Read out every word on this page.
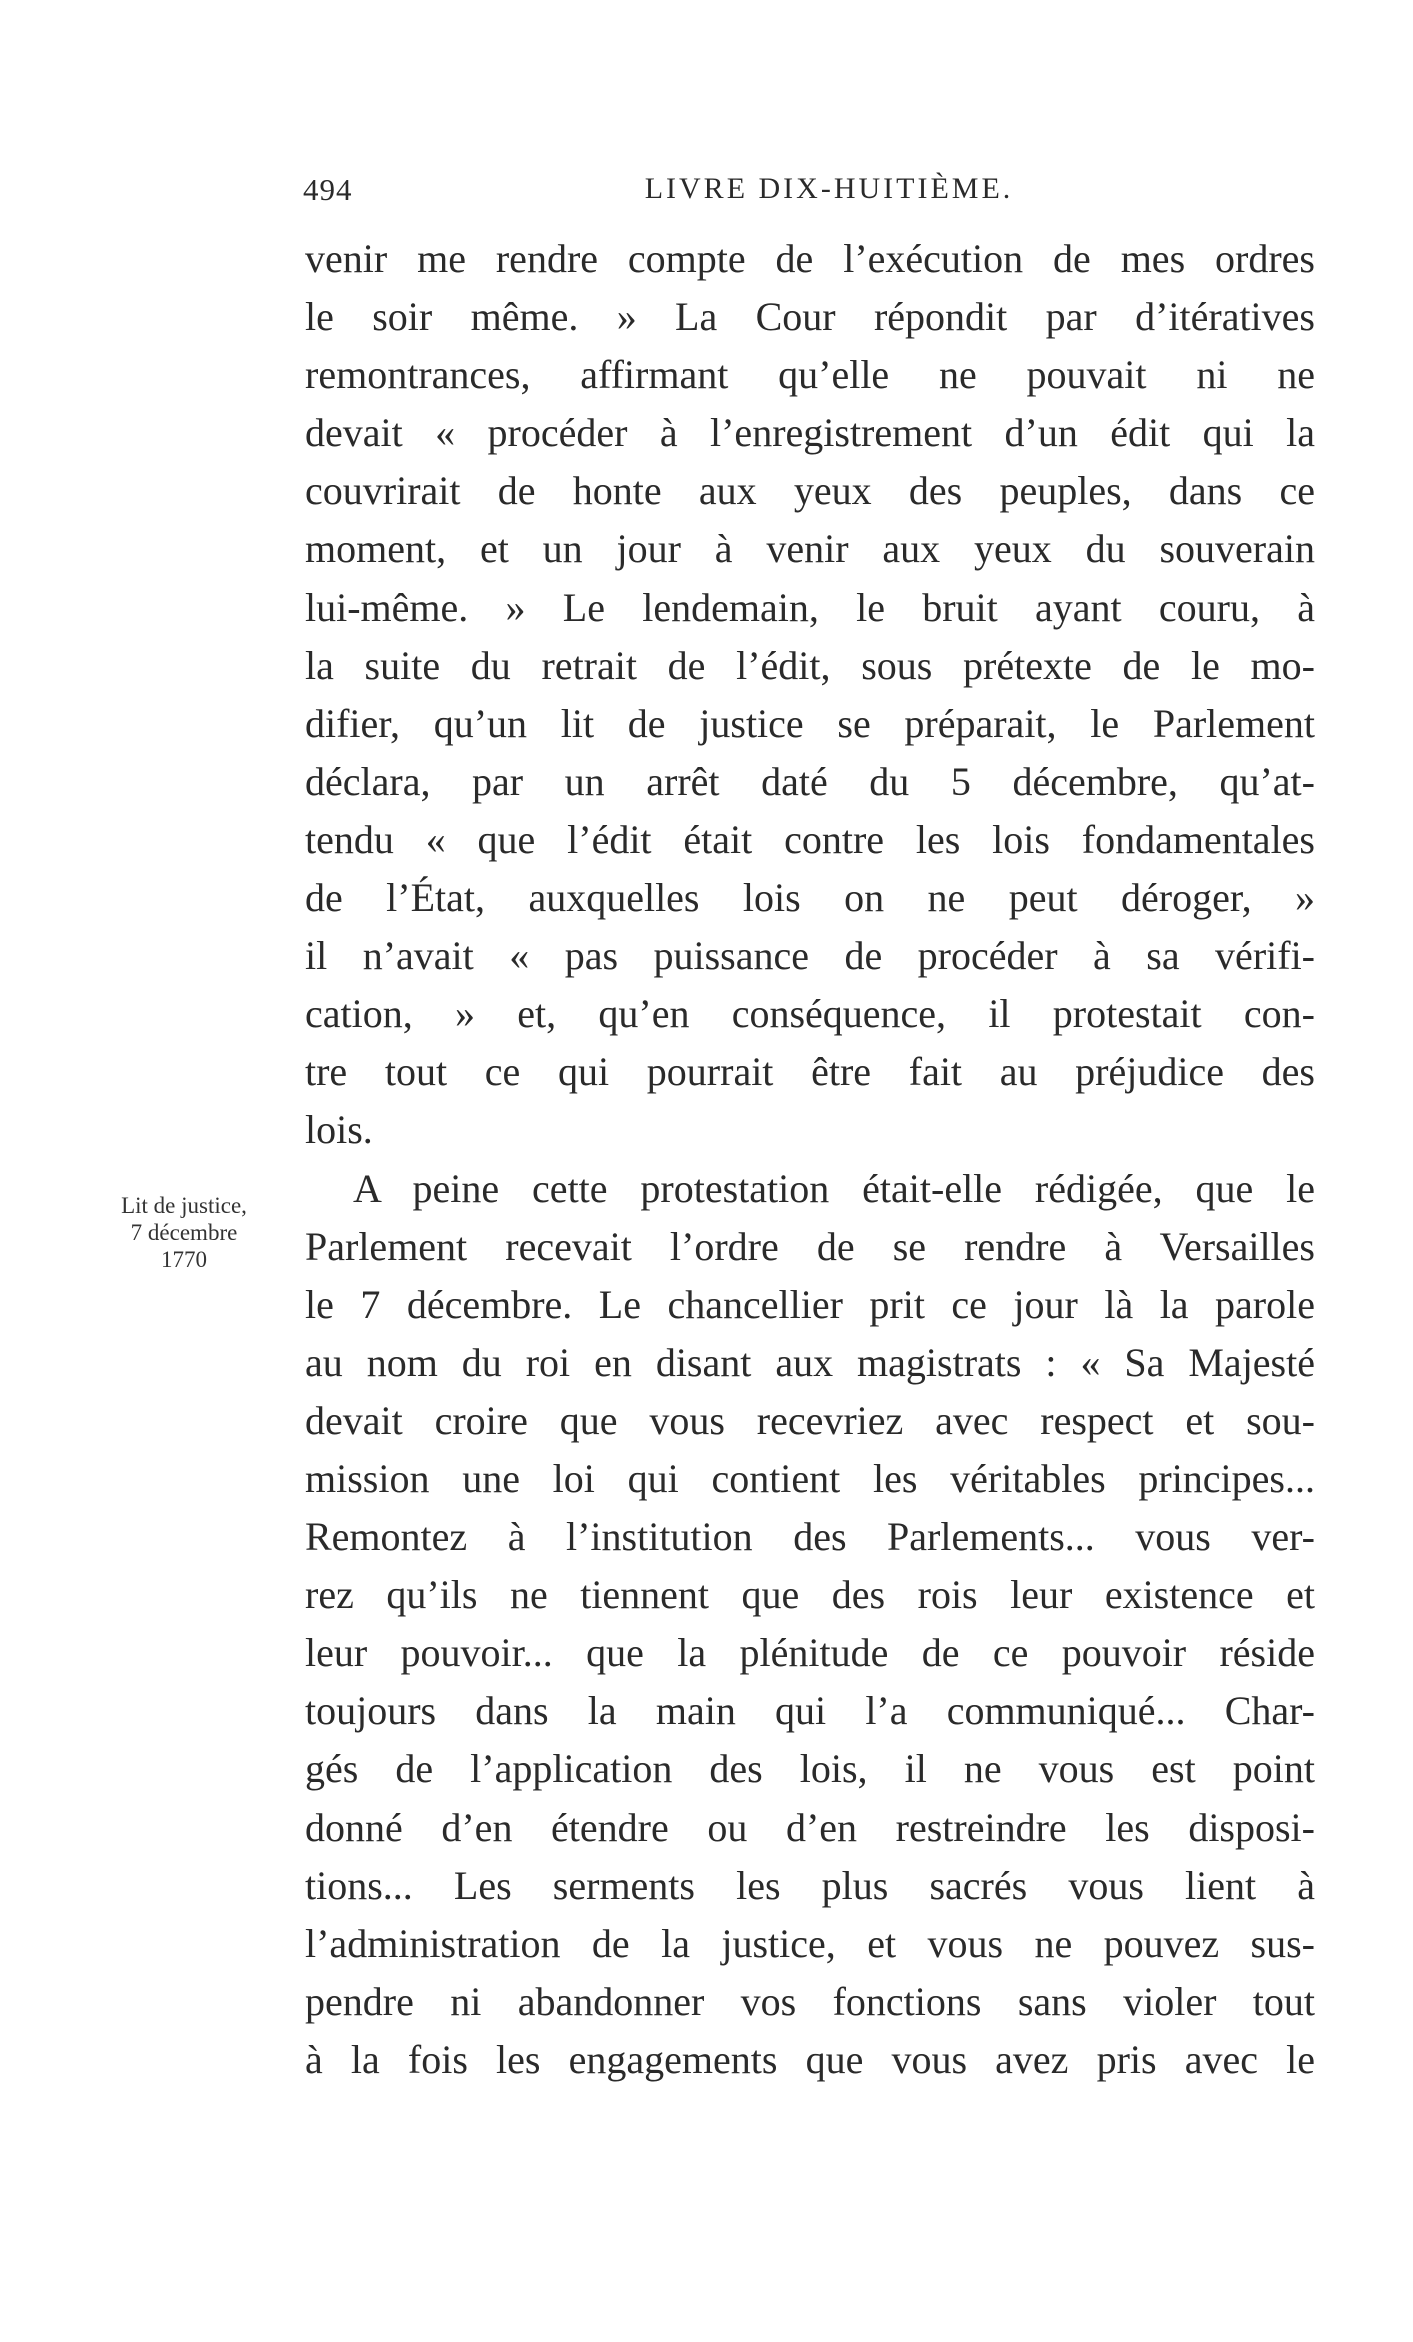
494	LIVRE DIX-HUITIÈME.
Lit de justice,
7 décembre
1770
venir me rendre compte de l’exécution de mes ordres
le soir même. » La Cour répondit par d’itératives
remontrances, affirmant qu’elle ne pouvait ni ne
devait « procéder à l’enregistrement d’un édit qui la
couvrirait de honte aux yeux des peuples, dans ce
moment, et un jour à venir aux yeux du souverain
lui-même. » Le lendemain, le bruit ayant couru, à
la suite du retrait de l’édit, sous prétexte de le mo-
difier, qu’un lit de justice se préparait, le Parlement
déclara, par un arrêt daté du 5 décembre, qu’at-
tendu « que l’édit était contre les lois fondamentales
de l’État, auxquelles lois on ne peut déroger, »
il n’avait « pas puissance de procéder à sa vérifi-
cation, » et, qu’en conséquence, il protestait con-
tre tout ce qui pourrait être fait au préjudice des
lois.
A peine cette protestation était-elle rédigée, que le
Parlement recevait l’ordre de se rendre à Versailles
le 7 décembre. Le chancellier prit ce jour là la parole
au nom du roi en disant aux magistrats : « Sa Majesté
devait croire que vous recevriez avec respect et sou-
mission une loi qui contient les véritables principes...
Remontez à l’institution des Parlements... vous ver-
rez qu’ils ne tiennent que des rois leur existence et
leur pouvoir... que la plénitude de ce pouvoir réside
toujours dans la main qui l’a communiqué... Char-
gés de l’application des lois, il ne vous est point
donné d’en étendre ou d’en restreindre les disposi-
tions... Les serments les plus sacrés vous lient à
l’administration de la justice, et vous ne pouvez sus-
pendre ni abandonner vos fonctions sans violer tout
à la fois les engagements que vous avez pris avec le
